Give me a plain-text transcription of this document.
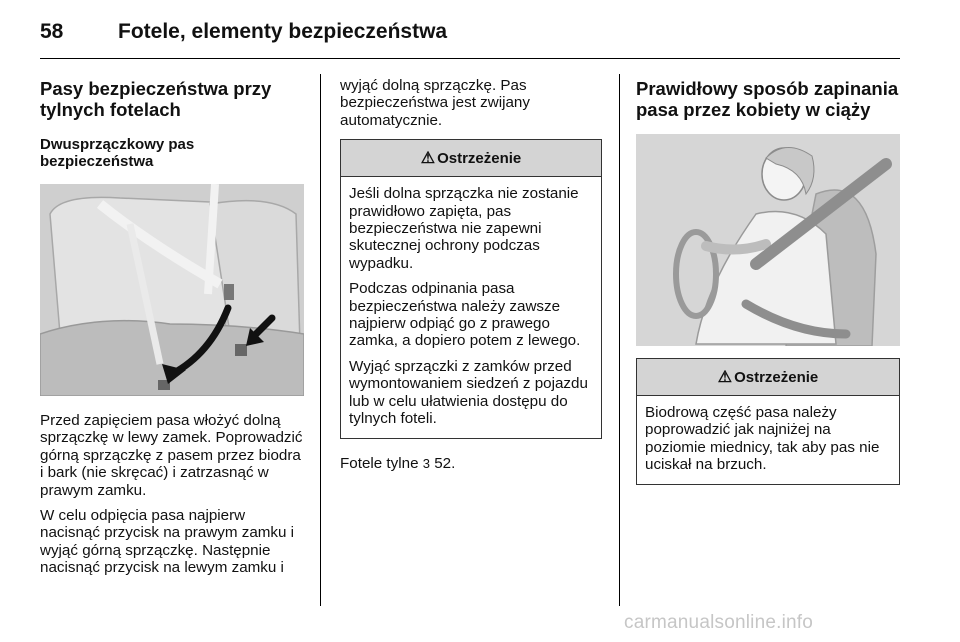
58	Fotele, elementy bezpieczeństwa
Pasy bezpieczeństwa przy tylnych fotelach
Dwusprzączkowy pas bezpieczeństwa

Przed zapięciem pasa włożyć dolną sprzączkę w lewy zamek. Poprowadzić górną sprzączkę z pasem przez biodra i bark (nie skręcać) i zatrzasnąć w prawym zamku.

W celu odpięcia pasa najpierw nacisnąć przycisk na prawym zamku i wyjąć górną sprzączkę. Następnie nacisnąć przycisk na lewym zamku i

wyjąć dolną sprzączkę. Pas bezpieczeństwa jest zwijany automatycznie.

⚠ Ostrzeżenie

Jeśli dolna sprzączka nie zostanie prawidłowo zapięta, pas bezpieczeństwa nie zapewni skutecznej ochrony podczas wypadku.

Podczas odpinania pasa bezpieczeństwa należy zawsze najpierw odpiąć go z prawego zamka, a dopiero potem z lewego.

Wyjąć sprzączki z zamków przed wymontowaniem siedzeń z pojazdu lub w celu ułatwienia dostępu do tylnych foteli.

Fotele tylne 3 52.

Prawidłowy sposób zapinania pasa przez kobiety w ciąży
⚠ Ostrzeżenie

Biodrową część pasa należy poprowadzić jak najniżej na poziomie miednicy, tak aby pas nie uciskał na brzuch.

carmanualsonline.info
